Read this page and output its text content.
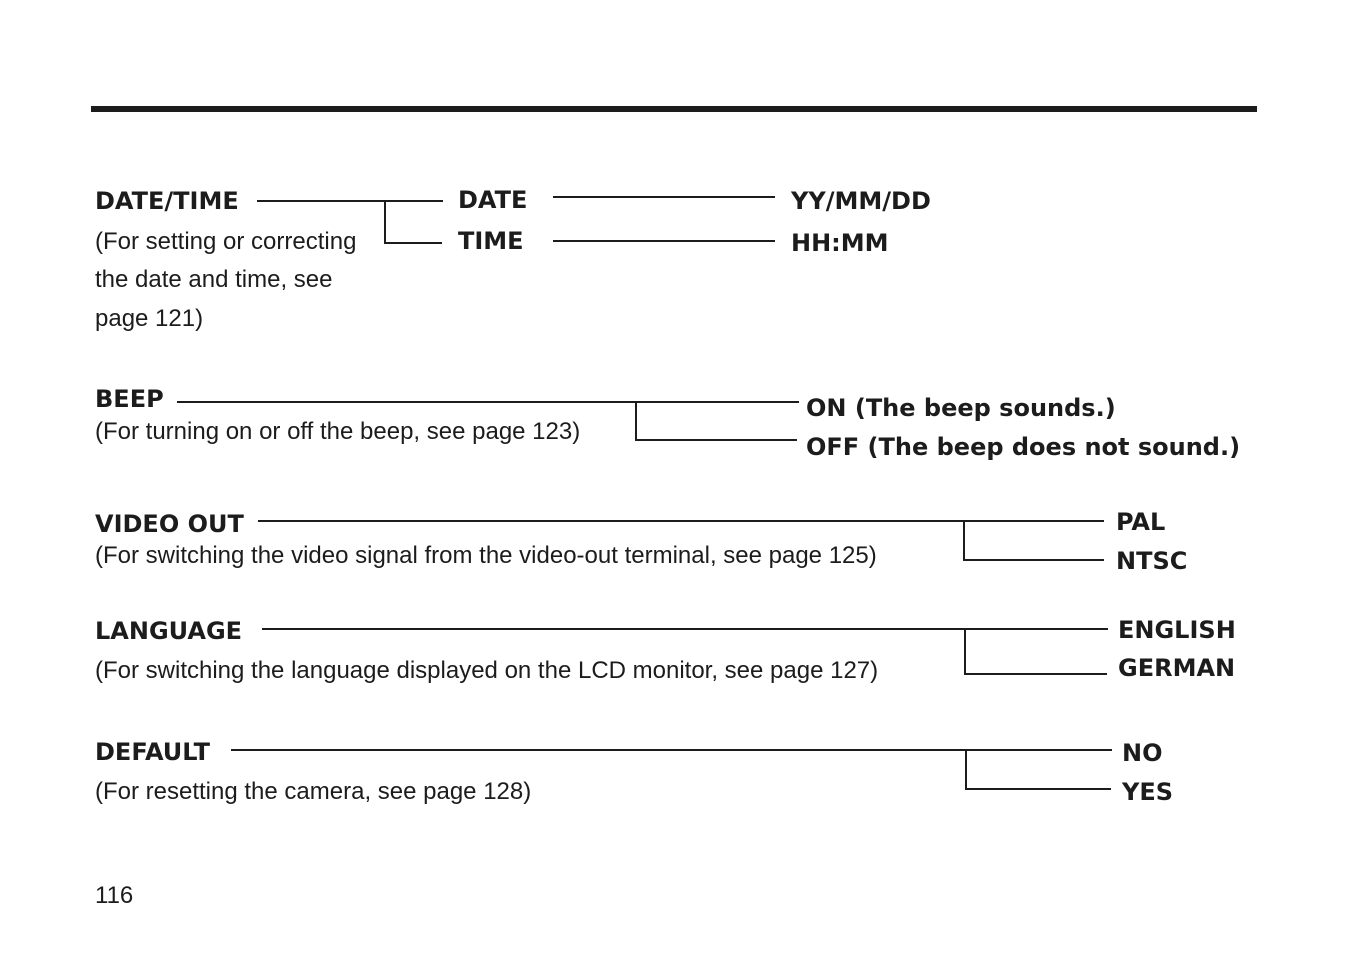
DATE/TIME
(For setting or correcting
the date and time, see
page 121)
DATE
TIME
YY/MM/DD
HH:MM
BEEP
(For turning on or off the beep, see page 123)
ON (The beep sounds.)
OFF (The beep does not sound.)
VIDEO OUT
(For switching the video signal from the video-out terminal, see page 125)
PAL
NTSC
LANGUAGE
(For switching the language displayed on the LCD monitor, see page 127)
ENGLISH
GERMAN
DEFAULT
(For resetting the camera, see page 128)
NO
YES
116
